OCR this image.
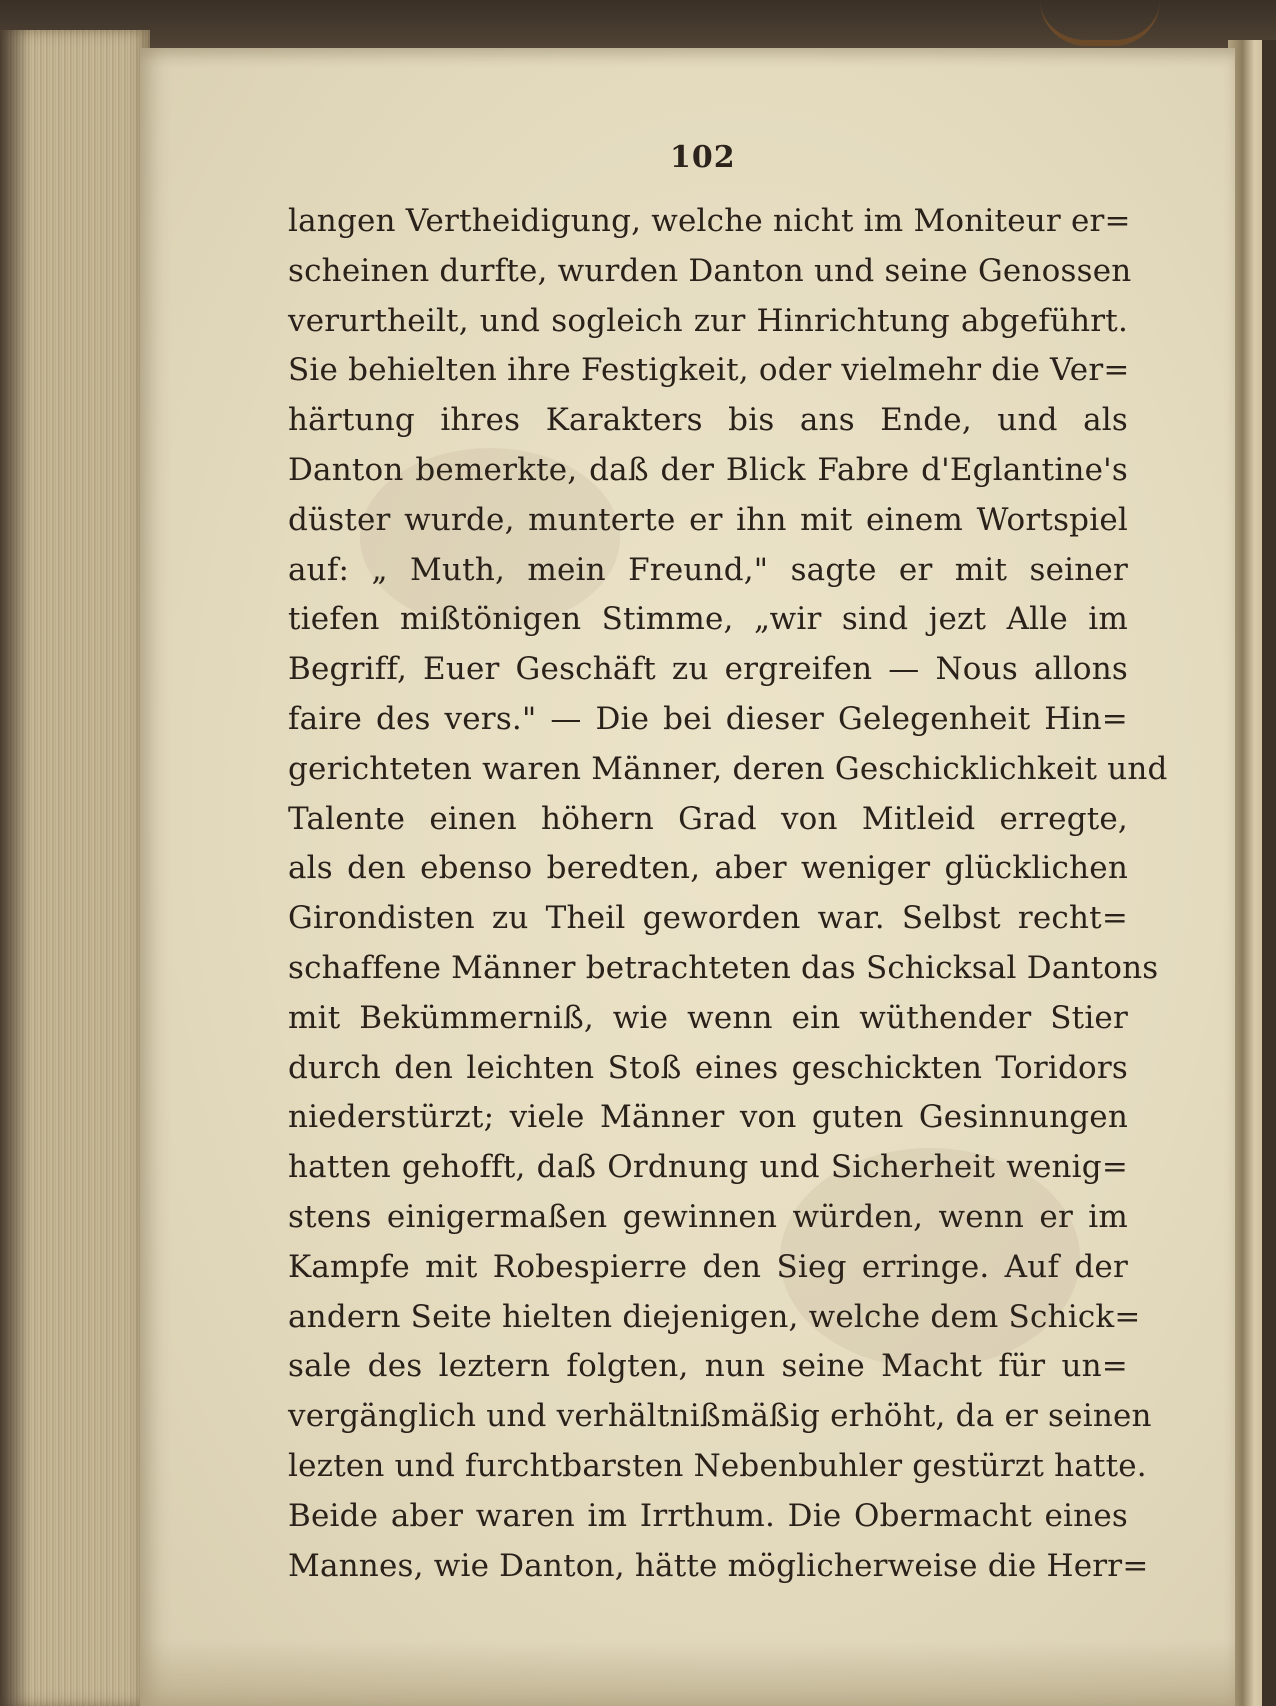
102
langen Vertheidigung, welche nicht im Moniteur er=
scheinen durfte, wurden Danton und seine Genossen
verurtheilt, und sogleich zur Hinrichtung abgeführt.
Sie behielten ihre Festigkeit, oder vielmehr die Ver=
härtung ihres Karakters bis ans Ende, und als
Danton bemerkte, daß der Blick Fabre d'Eglantine's
düster wurde, munterte er ihn mit einem Wortspiel
auf: „ Muth, mein Freund," sagte er mit seiner
tiefen mißtönigen Stimme, „wir sind jezt Alle im
Begriff, Euer Geschäft zu ergreifen — Nous allons
faire des vers." — Die bei dieser Gelegenheit Hin=
gerichteten waren Männer, deren Geschicklichkeit und
Talente einen höhern Grad von Mitleid erregte,
als den ebenso beredten, aber weniger glücklichen
Girondisten zu Theil geworden war. Selbst recht=
schaffene Männer betrachteten das Schicksal Dantons
mit Bekümmerniß, wie wenn ein wüthender Stier
durch den leichten Stoß eines geschickten Toridors
niederstürzt; viele Männer von guten Gesinnungen
hatten gehofft, daß Ordnung und Sicherheit wenig=
stens einigermaßen gewinnen würden, wenn er im
Kampfe mit Robespierre den Sieg erringe. Auf der
andern Seite hielten diejenigen, welche dem Schick=
sale des leztern folgten, nun seine Macht für un=
vergänglich und verhältnißmäßig erhöht, da er seinen
lezten und furchtbarsten Nebenbuhler gestürzt hatte.
Beide aber waren im Irrthum. Die Obermacht eines
Mannes, wie Danton, hätte möglicherweise die Herr=
